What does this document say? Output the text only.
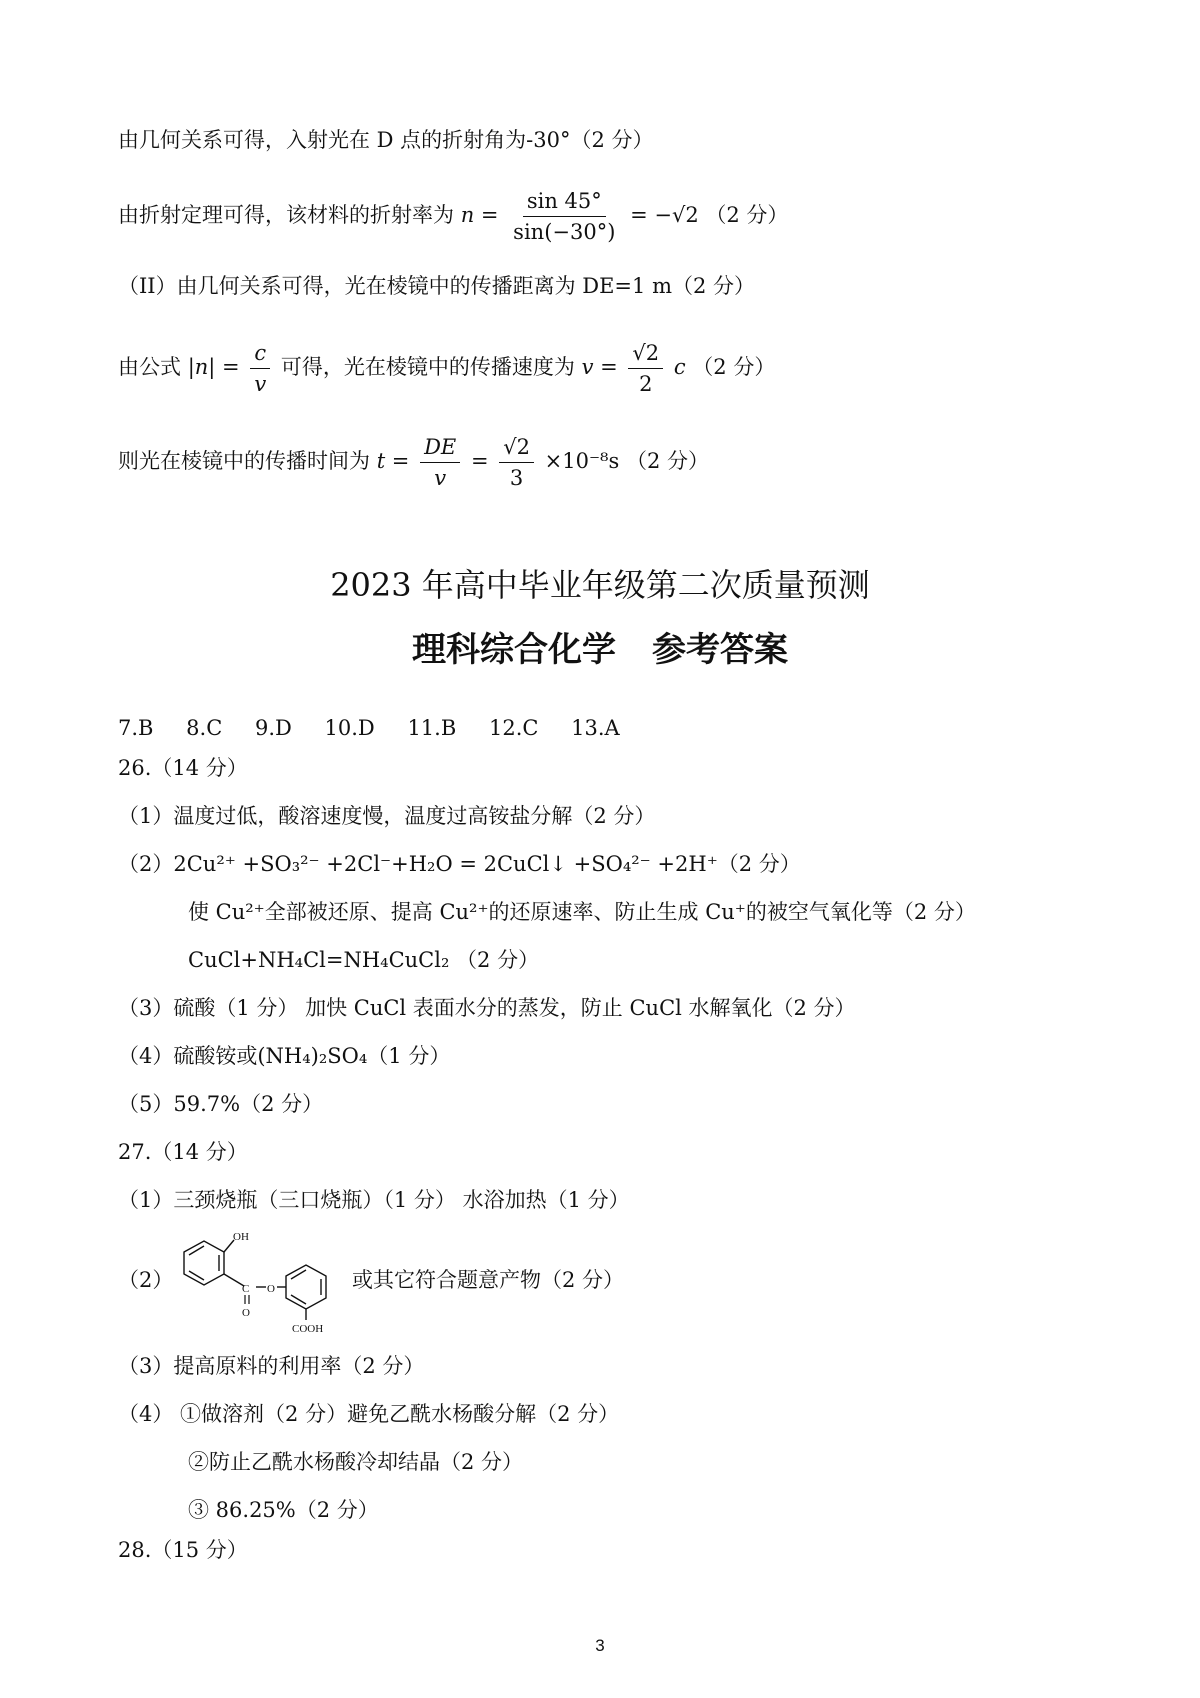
由几何关系可得，入射光在 D 点的折射角为-30°（2 分）
由折射定理可得，该材料的折射率为 $n = \frac{\sin 45^\circ}{\sin(-30^\circ)} = -√2$ （2 分）
（II）由几何关系可得，光在棱镜中的传播距离为 DE=1 m（2 分）
由公式 $|n| = \frac{c}{v}$ 可得，光在棱镜中的传播速度为 $v = \frac{√2}{2}$ c （2 分）
则光在棱镜中的传播时间为 $t = \frac{DE}{v} = \frac{√2}{3} \times 10^{-8}s$ （2 分）
2023 年高中毕业年级第二次质量预测
理科综合化学 参考答案
7.B 8.C 9.D 10.D 11.B 12.C 13.A
26.（14 分）
（1）温度过低，酸溶速度慢，温度过高铵盐分解（2 分）
（2）2Cu²⁺ +SO₃²⁻ +2Cl⁻+H₂O = 2CuCl↓ +SO₄²⁻ +2H⁺（2 分）
使 Cu²⁺全部被还原、提高 Cu²⁺的还原速率、防止生成 Cu⁺的被空气氧化等（2 分）
CuCl+NH₄Cl=NH₄CuCl₂ （2 分）
（3）硫酸（1 分） 加快 CuCl 表面水分的蒸发，防止 CuCl 水解氧化（2 分）
（4）硫酸铵或(NH₄)₂SO₄（1 分）
（5）59.7%（2 分）
27.（14 分）
（1）三颈烧瓶（三口烧瓶）（1 分） 水浴加热（1 分）
（2）
OH
C
O
O
COOH
或其它符合题意产物（2 分）
（3）提高原料的利用率（2 分）
（4） ①做溶剂（2 分）避免乙酰水杨酸分解（2 分）
②防止乙酰水杨酸冷却结晶（2 分）
③ 86.25%（2 分）
28.（15 分）
3
